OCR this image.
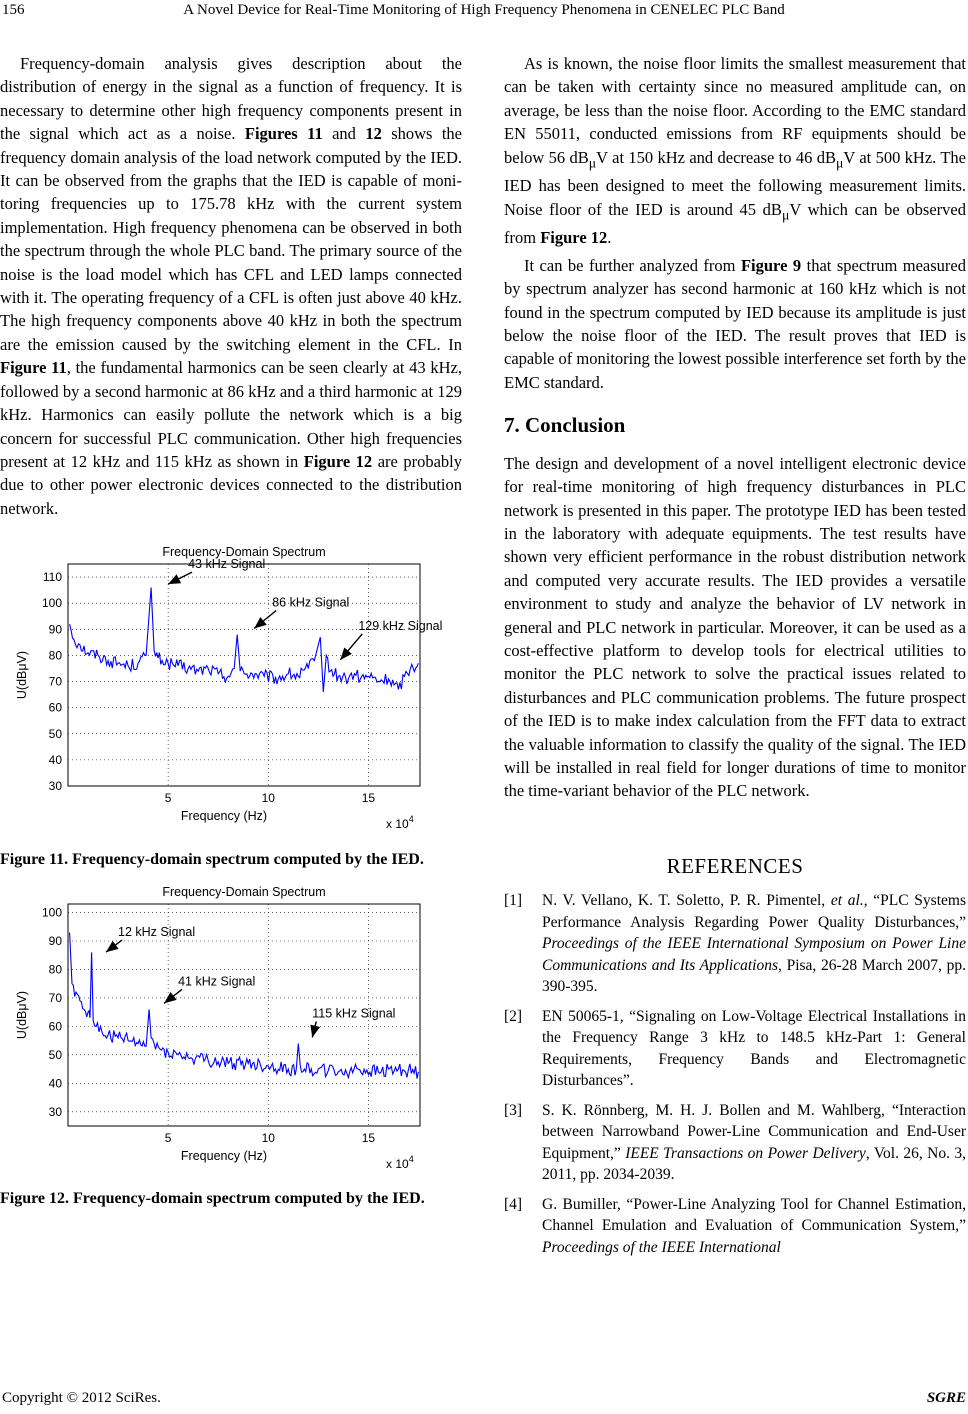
156	A Novel Device for Real-Time Monitoring of High Frequency Phenomena in CENELEC PLC Band

Frequency-domain analysis gives description about the distribution of energy in the signal as a function of frequency. It is necessary to determine other high frequency components present in the signal which act as a noise. Figures 11 and 12 shows the frequency domain analysis of the load network computed by the IED. It can be observed from the graphs that the IED is capable of monitoring frequencies up to 175.78 kHz with the current system implementation. High frequency phenomena can be observed in both the spectrum through the whole PLC band. The primary source of the noise is the load model which has CFL and LED lamps connected with it. The operating frequency of a CFL is often just above 40 kHz. The high frequency components above 40 kHz in both the spectrum are the emission caused by the switching element in the CFL. In Figure 11, the fundamental harmonics can be seen clearly at 43 kHz, followed by a second harmonic at 86 kHz and a third harmonic at 129 kHz. Harmonics can easily pollute the network which is a big concern for successful PLC communication. Other high frequencies present at 12 kHz and 115 kHz as shown in Figure 12 are probably due to other power electronic devices connected to the distribution network.

Frequency-Domain Spectrum
5	10	15
30
40
50
60
70
80
90
100
110
Frequency (Hz)
x $10^4$
U(dBμV)
43 kHz Signal
86 kHz Signal
129 kHz Signal
Figure 11. Frequency-domain spectrum computed by the IED.
Frequency-Domain Spectrum
5	10	15
30
40
50
60
70
80
90
100
Frequency (Hz)
x $10^4$
U(dBμV)
12 kHz Signal
41 kHz Signal
115 kHz Signal
Figure 12. Frequency-domain spectrum computed by the IED.

As is known, the noise floor limits the smallest measurement that can be taken with certainty since no measured amplitude can, on average, be less than the noise floor. According to the EMC standard EN 55011, conducted emissions from RF equipments should be below 56 $dB_\mu V$ at 150 kHz and decrease to 46 $dB_\mu V$ at 500 kHz. The IED has been designed to meet the following measurement limits. Noise floor of the IED is around 45 $dB_\mu V$ which can be observed from Figure 12.

It can be further analyzed from Figure 9 that spectrum measured by spectrum analyzer has second harmonic at 160 kHz which is not found in the spectrum computed by IED because its amplitude is just below the noise floor of the IED. The result proves that IED is capable of monitoring the lowest possible interference set forth by the EMC standard.

7. Conclusion

The design and development of a novel intelligent electronic device for real-time monitoring of high frequency disturbances in PLC network is presented in this paper. The prototype IED has been tested in the laboratory with adequate equipments. The test results have shown very efficient performance in the robust distribution network and computed very accurate results. The IED provides a versatile environment to study and analyze the behavior of LV network in general and PLC network in particular. Moreover, it can be used as a cost-effective platform to develop tools for electrical utilities to monitor the PLC network to solve the practical issues related to disturbances and PLC communication problems. The future prospect of the IED is to make index calculation from the FFT data to extract the valuable information to classify the quality of the signal. The IED will be installed in real field for longer durations of time to monitor the time-variant behavior of the PLC network.

REFERENCES
[1]	N. V. Vellano, K. T. Soletto, P. R. Pimentel, et al., “PLC Systems Performance Analysis Regarding Power Quality Disturbances,” Proceedings of the IEEE International Symposium on Power Line Communications and Its Applications, Pisa, 26-28 March 2007, pp. 390-395.
[2]	EN 50065-1, “Signaling on Low-Voltage Electrical Installations in the Frequency Range 3 kHz to 148.5 kHz-Part 1: General Requirements, Frequency Bands and Electromagnetic Disturbances”.
[3]	S. K. Rönnberg, M. H. J. Bollen and M. Wahlberg, “Interaction between Narrowband Power-Line Communication and End-User Equipment,” IEEE Transactions on Power Delivery, Vol. 26, No. 3, 2011, pp. 2034-2039.
[4]	G. Bumiller, “Power-Line Analyzing Tool for Channel Estimation, Channel Emulation and Evaluation of Communication System,” Proceedings of the IEEE International
Copyright © 2012 SciRes.	SGRE
